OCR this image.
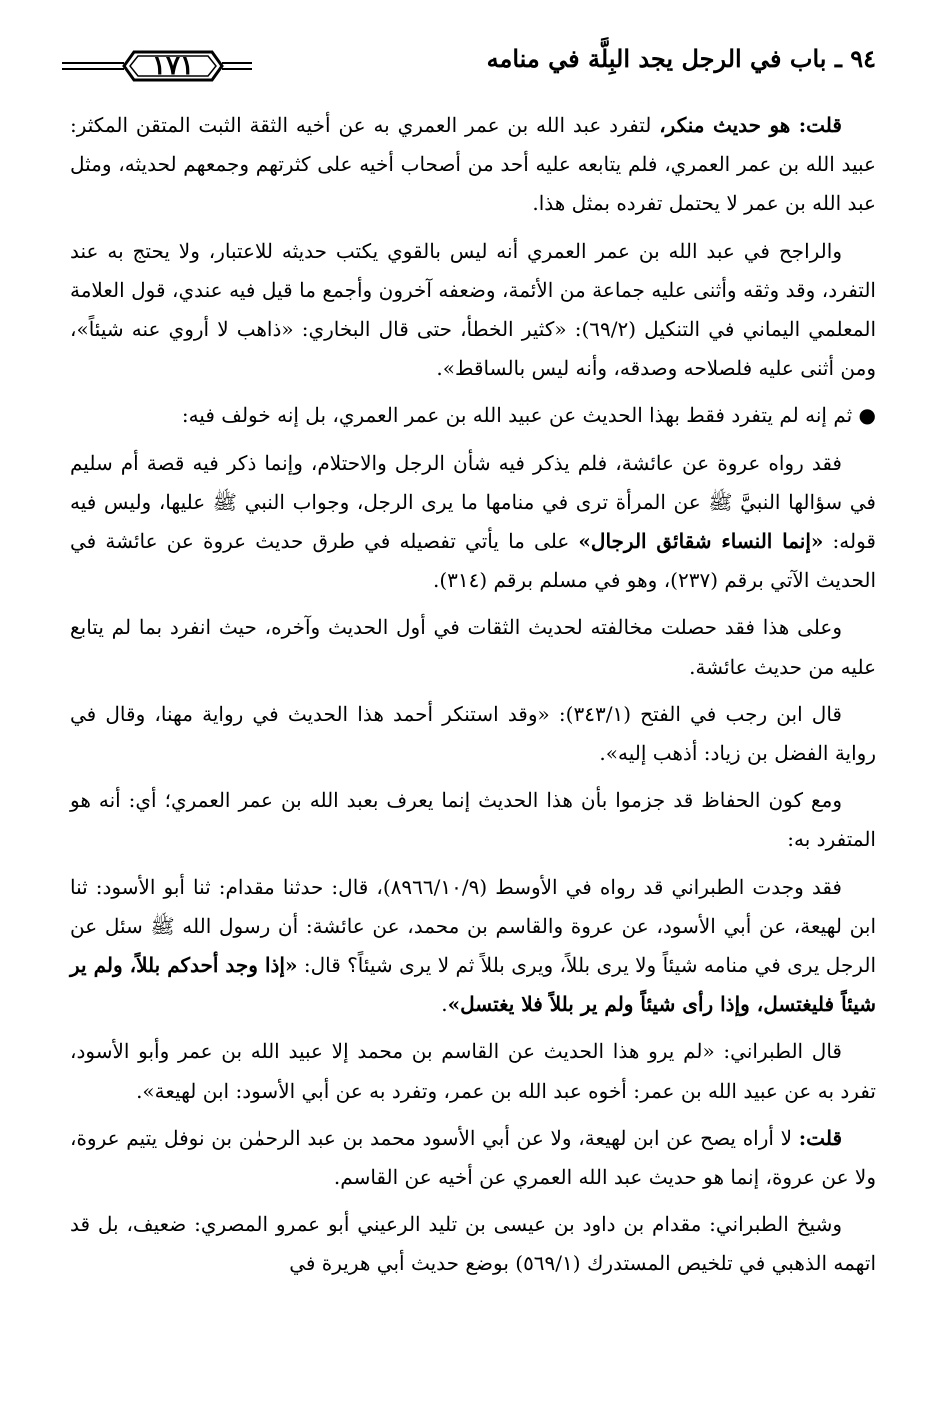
١٧١	٩٤ ـ باب في الرجل يجد البِلَّة في منامه

قلت: هو حديث منكر، لتفرد عبد الله بن عمر العمري به عن أخيه الثقة الثبت المتقن المكثر: عبيد الله بن عمر العمري، فلم يتابعه عليه أحد من أصحاب أخيه على كثرتهم وجمعهم لحديثه، ومثل عبد الله بن عمر لا يحتمل تفرده بمثل هذا.

والراجح في عبد الله بن عمر العمري أنه ليس بالقوي يكتب حديثه للاعتبار، ولا يحتج به عند التفرد، وقد وثقه وأثنى عليه جماعة من الأئمة، وضعفه آخرون وأجمع ما قيل فيه عندي، قول العلامة المعلمي اليماني في التنكيل (٦٩/٢): «كثير الخطأ، حتى قال البخاري: «ذاهب لا أروي عنه شيئاً»، ومن أثنى عليه فلصلاحه وصدقه، وأنه ليس بالساقط».

● ثم إنه لم يتفرد فقط بهذا الحديث عن عبيد الله بن عمر العمري، بل إنه خولف فيه:

فقد رواه عروة عن عائشة، فلم يذكر فيه شأن الرجل والاحتلام، وإنما ذكر فيه قصة أم سليم في سؤالها النبيَّ ﷺ عن المرأة ترى في منامها ما يرى الرجل، وجواب النبي ﷺ عليها، وليس فيه قوله: «إنما النساء شقائق الرجال» على ما يأتي تفصيله في طرق حديث عروة عن عائشة في الحديث الآتي برقم (٢٣٧)، وهو في مسلم برقم (٣١٤).

وعلى هذا فقد حصلت مخالفته لحديث الثقات في أول الحديث وآخره، حيث انفرد بما لم يتابع عليه من حديث عائشة.

قال ابن رجب في الفتح (٣٤٣/١): «وقد استنكر أحمد هذا الحديث في رواية مهنا، وقال في رواية الفضل بن زياد: أذهب إليه».

ومع كون الحفاظ قد جزموا بأن هذا الحديث إنما يعرف بعبد الله بن عمر العمري؛ أي: أنه هو المتفرد به:

فقد وجدت الطبراني قد رواه في الأوسط (٨٩٦٦/١٠/٩)، قال: حدثنا مقدام: ثنا أبو الأسود: ثنا ابن لهيعة، عن أبي الأسود، عن عروة والقاسم بن محمد، عن عائشة: أن رسول الله ﷺ سئل عن الرجل يرى في منامه شيئاً ولا يرى بللاً، ويرى بللاً ثم لا يرى شيئاً؟ قال: «إذا وجد أحدكم بللاً، ولم ير شيئاً فليغتسل، وإذا رأى شيئاً ولم ير بللاً فلا يغتسل».

قال الطبراني: «لم يرو هذا الحديث عن القاسم بن محمد إلا عبيد الله بن عمر وأبو الأسود، تفرد به عن عبيد الله بن عمر: أخوه عبد الله بن عمر، وتفرد به عن أبي الأسود: ابن لهيعة».

قلت: لا أراه يصح عن ابن لهيعة، ولا عن أبي الأسود محمد بن عبد الرحمٰن بن نوفل يتيم عروة، ولا عن عروة، إنما هو حديث عبد الله العمري عن أخيه عن القاسم.

وشيخ الطبراني: مقدام بن داود بن عيسى بن تليد الرعيني أبو عمرو المصري: ضعيف، بل قد اتهمه الذهبي في تلخيص المستدرك (٥٦٩/١) بوضع حديث أبي هريرة في
